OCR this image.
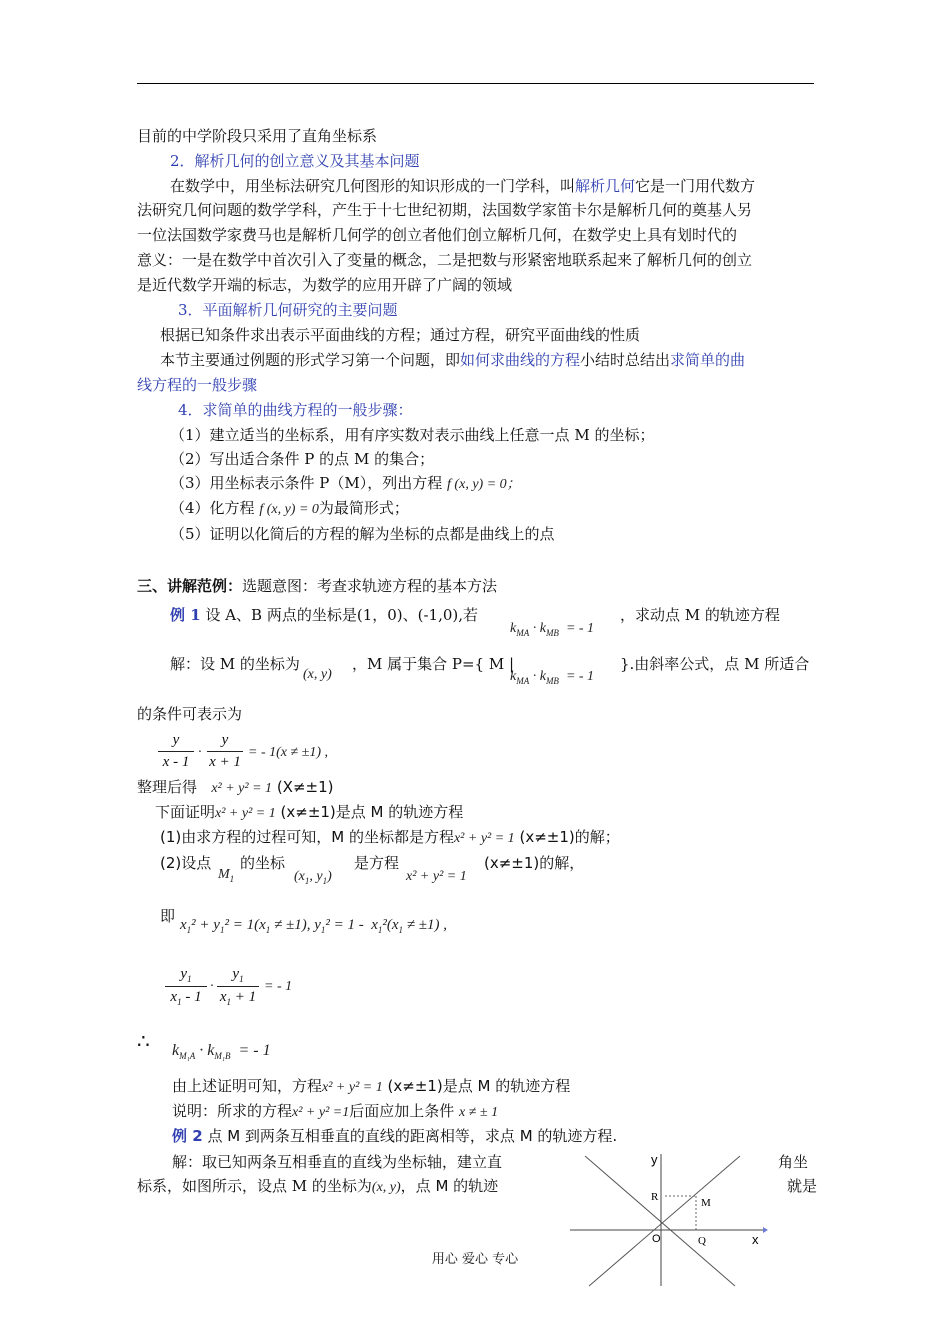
目前的中学阶段只采用了直角坐标系
2．解析几何的创立意义及其基本问题
在数学中，用坐标法研究几何图形的知识形成的一门学科，叫解析几何它是一门用代数方
法研究几何问题的数学学科，产生于十七世纪初期，法国数学家笛卡尔是解析几何的奠基人另
一位法国数学家费马也是解析几何学的创立者他们创立解析几何，在数学史上具有划时代的
意义：一是在数学中首次引入了变量的概念，二是把数与形紧密地联系起来了解析几何的创立
是近代数学开端的标志，为数学的应用开辟了广阔的领域
3．平面解析几何研究的主要问题
根据已知条件求出表示平面曲线的方程；通过方程，研究平面曲线的性质
本节主要通过例题的形式学习第一个问题，即如何求曲线的方程小结时总结出求简单的曲
线方程的一般步骤
4．求简单的曲线方程的一般步骤：
（1）建立适当的坐标系，用有序实数对表示曲线上任意一点 M 的坐标；
（2）写出适合条件 P 的点 M 的集合；
（3）用坐标表示条件 P（M），列出方程 f (x, y) = 0；
（4）化方程 f (x, y) = 0为最简形式；
（5）证明以化简后的方程的解为坐标的点都是曲线上的点
三、讲解范例：选题意图：考查求轨迹方程的基本方法
例 1 设 A、B 两点的坐标是(1，0)、(-1,0),若
$k_{MA} \cdot k_{MB}$  = - 1
，求动点 M 的轨迹方程
解：设 M 的坐标为
(x, y)
，M 属于集合 P={ M |
$k_{MA} \cdot k_{MB}$  = - 1
}.由斜率公式，点 M 所适合
的条件可表示为
y
x - 1
·
y
x + 1
= - 1(x ≠ ±1) ,
整理后得 x² + y² = 1 (X≠±1)
下面证明x² + y² = 1 (x≠±1)是点 M 的轨迹方程
(1)由求方程的过程可知，M 的坐标都是方程x² + y² = 1 (x≠±1)的解；
(2)设点
$M_1$
的坐标
($x_1$, $y_1$)
是方程
x² + y² = 1
(x≠±1)的解，
即 $x_1^2 + y_1^2 = 1(x_1 \ne \pm 1)$, $y_1^2 = 1 - x_1^2(x_1 \ne \pm 1)$ ,
$y_1$
$x_1 - 1$
·
$y_1$
$x_1 + 1$
= - 1
∴ $k_{M_1A} \cdot k_{M_1B}$  = - 1
由上述证明可知，方程x² + y² = 1 (x≠±1)是点 M 的轨迹方程
说明：所求的方程x² + y² =1后面应加上条件 x ≠ ± 1
例 2 点 M 到两条互相垂直的直线的距离相等，求点 M 的轨迹方程.
解：取已知两条互相垂直的直线为坐标轴，建立直	角坐
标系，如图所示，设点 M 的坐标为(x, y)，点 M 的轨迹	就是
y
x
O
R	M
Q
用心 爱心 专心
